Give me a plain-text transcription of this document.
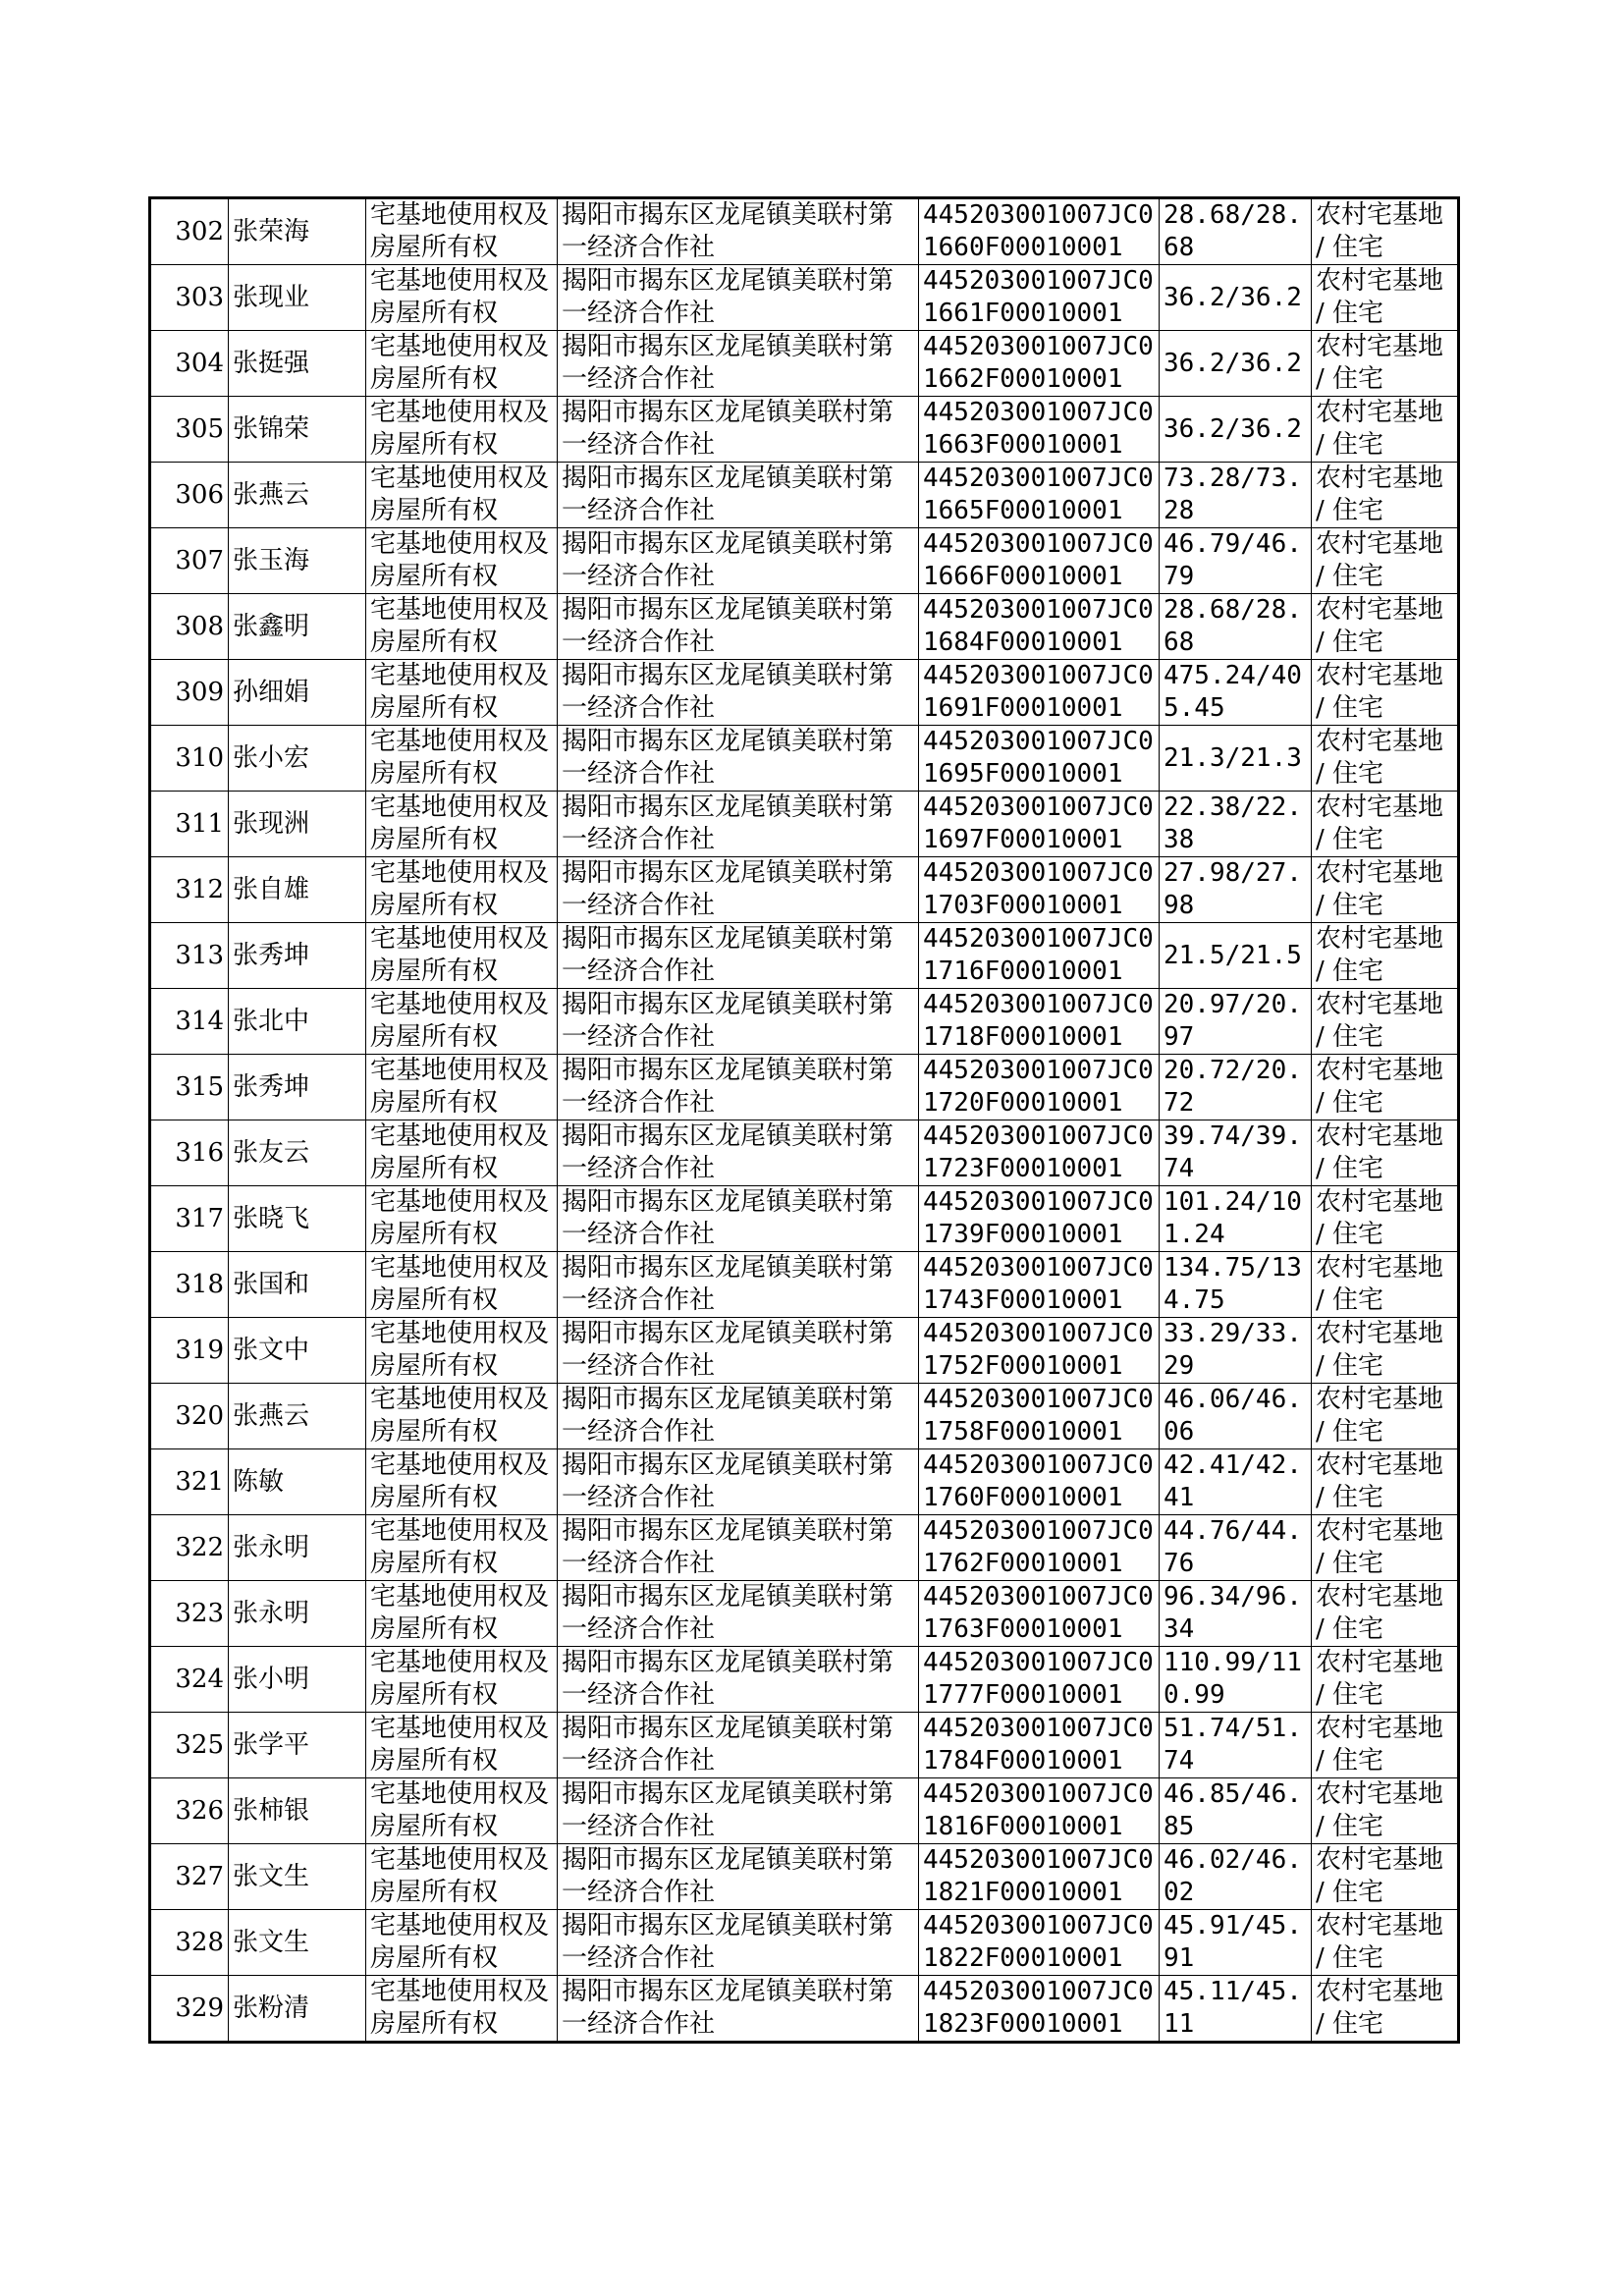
302	张荣海	宅基地使用权及房屋所有权	揭阳市揭东区龙尾镇美联村第一经济合作社	445203001007JC01660F00010001	28.68/28.68	农村宅基地 / 住宅
303	张现业	宅基地使用权及房屋所有权	揭阳市揭东区龙尾镇美联村第一经济合作社	445203001007JC01661F00010001	36.2/36.2	农村宅基地 / 住宅
304	张挺强	宅基地使用权及房屋所有权	揭阳市揭东区龙尾镇美联村第一经济合作社	445203001007JC01662F00010001	36.2/36.2	农村宅基地 / 住宅
305	张锦荣	宅基地使用权及房屋所有权	揭阳市揭东区龙尾镇美联村第一经济合作社	445203001007JC01663F00010001	36.2/36.2	农村宅基地 / 住宅
306	张燕云	宅基地使用权及房屋所有权	揭阳市揭东区龙尾镇美联村第一经济合作社	445203001007JC01665F00010001	73.28/73.28	农村宅基地 / 住宅
307	张玉海	宅基地使用权及房屋所有权	揭阳市揭东区龙尾镇美联村第一经济合作社	445203001007JC01666F00010001	46.79/46.79	农村宅基地 / 住宅
308	张鑫明	宅基地使用权及房屋所有权	揭阳市揭东区龙尾镇美联村第一经济合作社	445203001007JC01684F00010001	28.68/28.68	农村宅基地 / 住宅
309	孙细娟	宅基地使用权及房屋所有权	揭阳市揭东区龙尾镇美联村第一经济合作社	445203001007JC01691F00010001	475.24/405.45	农村宅基地 / 住宅
310	张小宏	宅基地使用权及房屋所有权	揭阳市揭东区龙尾镇美联村第一经济合作社	445203001007JC01695F00010001	21.3/21.3	农村宅基地 / 住宅
311	张现洲	宅基地使用权及房屋所有权	揭阳市揭东区龙尾镇美联村第一经济合作社	445203001007JC01697F00010001	22.38/22.38	农村宅基地 / 住宅
312	张自雄	宅基地使用权及房屋所有权	揭阳市揭东区龙尾镇美联村第一经济合作社	445203001007JC01703F00010001	27.98/27.98	农村宅基地 / 住宅
313	张秀坤	宅基地使用权及房屋所有权	揭阳市揭东区龙尾镇美联村第一经济合作社	445203001007JC01716F00010001	21.5/21.5	农村宅基地 / 住宅
314	张北中	宅基地使用权及房屋所有权	揭阳市揭东区龙尾镇美联村第一经济合作社	445203001007JC01718F00010001	20.97/20.97	农村宅基地 / 住宅
315	张秀坤	宅基地使用权及房屋所有权	揭阳市揭东区龙尾镇美联村第一经济合作社	445203001007JC01720F00010001	20.72/20.72	农村宅基地 / 住宅
316	张友云	宅基地使用权及房屋所有权	揭阳市揭东区龙尾镇美联村第一经济合作社	445203001007JC01723F00010001	39.74/39.74	农村宅基地 / 住宅
317	张晓飞	宅基地使用权及房屋所有权	揭阳市揭东区龙尾镇美联村第一经济合作社	445203001007JC01739F00010001	101.24/101.24	农村宅基地 / 住宅
318	张国和	宅基地使用权及房屋所有权	揭阳市揭东区龙尾镇美联村第一经济合作社	445203001007JC01743F00010001	134.75/134.75	农村宅基地 / 住宅
319	张文中	宅基地使用权及房屋所有权	揭阳市揭东区龙尾镇美联村第一经济合作社	445203001007JC01752F00010001	33.29/33.29	农村宅基地 / 住宅
320	张燕云	宅基地使用权及房屋所有权	揭阳市揭东区龙尾镇美联村第一经济合作社	445203001007JC01758F00010001	46.06/46.06	农村宅基地 / 住宅
321	陈敏	宅基地使用权及房屋所有权	揭阳市揭东区龙尾镇美联村第一经济合作社	445203001007JC01760F00010001	42.41/42.41	农村宅基地 / 住宅
322	张永明	宅基地使用权及房屋所有权	揭阳市揭东区龙尾镇美联村第一经济合作社	445203001007JC01762F00010001	44.76/44.76	农村宅基地 / 住宅
323	张永明	宅基地使用权及房屋所有权	揭阳市揭东区龙尾镇美联村第一经济合作社	445203001007JC01763F00010001	96.34/96.34	农村宅基地 / 住宅
324	张小明	宅基地使用权及房屋所有权	揭阳市揭东区龙尾镇美联村第一经济合作社	445203001007JC01777F00010001	110.99/110.99	农村宅基地 / 住宅
325	张学平	宅基地使用权及房屋所有权	揭阳市揭东区龙尾镇美联村第一经济合作社	445203001007JC01784F00010001	51.74/51.74	农村宅基地 / 住宅
326	张柿银	宅基地使用权及房屋所有权	揭阳市揭东区龙尾镇美联村第一经济合作社	445203001007JC01816F00010001	46.85/46.85	农村宅基地 / 住宅
327	张文生	宅基地使用权及房屋所有权	揭阳市揭东区龙尾镇美联村第一经济合作社	445203001007JC01821F00010001	46.02/46.02	农村宅基地 / 住宅
328	张文生	宅基地使用权及房屋所有权	揭阳市揭东区龙尾镇美联村第一经济合作社	445203001007JC01822F00010001	45.91/45.91	农村宅基地 / 住宅
329	张粉清	宅基地使用权及房屋所有权	揭阳市揭东区龙尾镇美联村第一经济合作社	445203001007JC01823F00010001	45.11/45.11	农村宅基地 / 住宅
